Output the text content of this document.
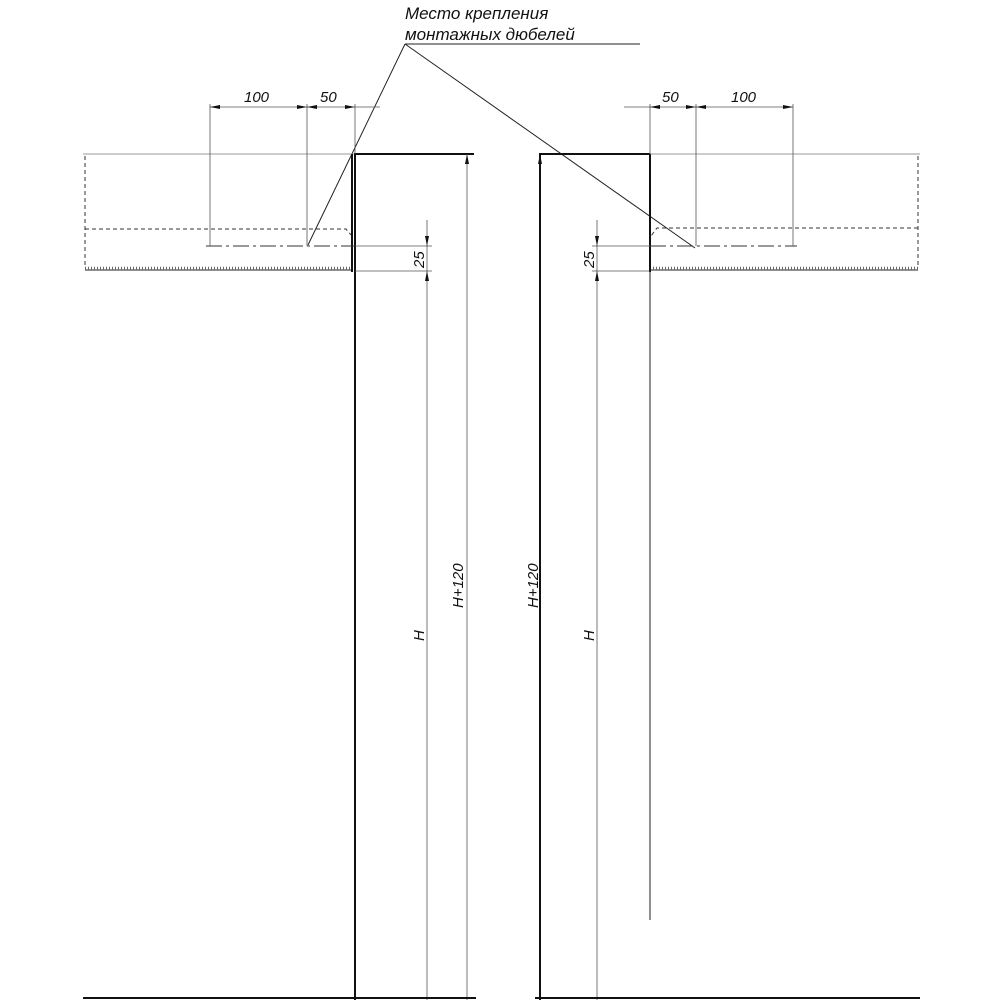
Место крепления
монтажных дюбелей
100	50
25
H
H+120
50	100
25
H
H+120
